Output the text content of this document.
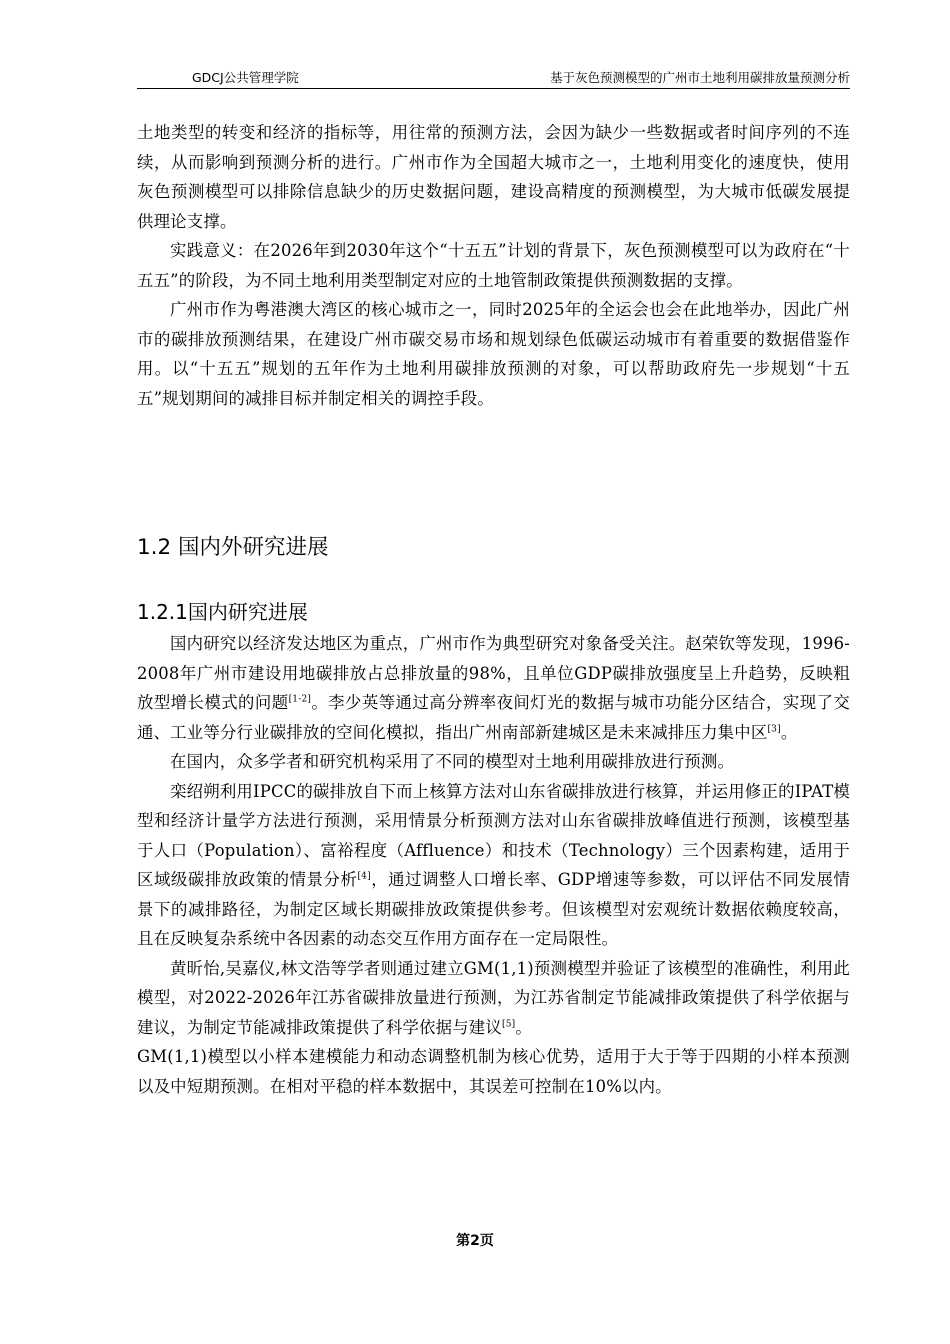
GDCJ公共管理学院	基于灰色预测模型的广州市土地利用碳排放量预测分析

土地类型的转变和经济的指标等，用往常的预测方法，会因为缺少一些数据或者时间序列的不连续，从而影响到预测分析的进行。广州市作为全国超大城市之一，土地利用变化的速度快，使用灰色预测模型可以排除信息缺少的历史数据问题，建设高精度的预测模型，为大城市低碳发展提供理论支撑。

实践意义：在2026年到2030年这个“十五五”计划的背景下，灰色预测模型可以为政府在“十五五”的阶段，为不同土地利用类型制定对应的土地管制政策提供预测数据的支撑。

广州市作为粤港澳大湾区的核心城市之一，同时2025年的全运会也会在此地举办，因此广州市的碳排放预测结果，在建设广州市碳交易市场和规划绿色低碳运动城市有着重要的数据借鉴作用。以“十五五”规划的五年作为土地利用碳排放预测的对象，可以帮助政府先一步规划“十五五”规划期间的减排目标并制定相关的调控手段。

1.2 国内外研究进展
1.2.1国内研究进展

国内研究以经济发达地区为重点，广州市作为典型研究对象备受关注。赵荣钦等发现，1996-2008年广州市建设用地碳排放占总排放量的98%，且单位GDP碳排放强度呈上升趋势，反映粗放型增长模式的问题[1-2]。李少英等通过高分辨率夜间灯光的数据与城市功能分区结合，实现了交通、工业等分行业碳排放的空间化模拟，指出广州南部新建城区是未来减排压力集中区[3]。

在国内，众多学者和研究机构采用了不同的模型对土地利用碳排放进行预测。

栾绍朔利用IPCC的碳排放自下而上核算方法对山东省碳排放进行核算，并运用修正的IPAT模型和经济计量学方法进行预测，采用情景分析预测方法对山东省碳排放峰值进行预测，该模型基于人口（Population）、富裕程度（Affluence）和技术（Technology）三个因素构建，适用于区域级碳排放政策的情景分析[4]，通过调整人口增长率、GDP增速等参数，可以评估不同发展情景下的减排路径，为制定区域长期碳排放政策提供参考。但该模型对宏观统计数据依赖度较高，且在反映复杂系统中各因素的动态交互作用方面存在一定局限性。

黄昕怡,吴嘉仪,林文浩等学者则通过建立GM(1,1)预测模型并验证了该模型的准确性，利用此模型，对2022-2026年江苏省碳排放量进行预测，为江苏省制定节能减排政策提供了科学依据与建议，为制定节能减排政策提供了科学依据与建议[5]。

GM(1,1)模型以小样本建模能力和动态调整机制为核心优势，适用于大于等于四期的小样本预测以及中短期预测。在相对平稳的样本数据中，其误差可控制在10%以内。

第2页
